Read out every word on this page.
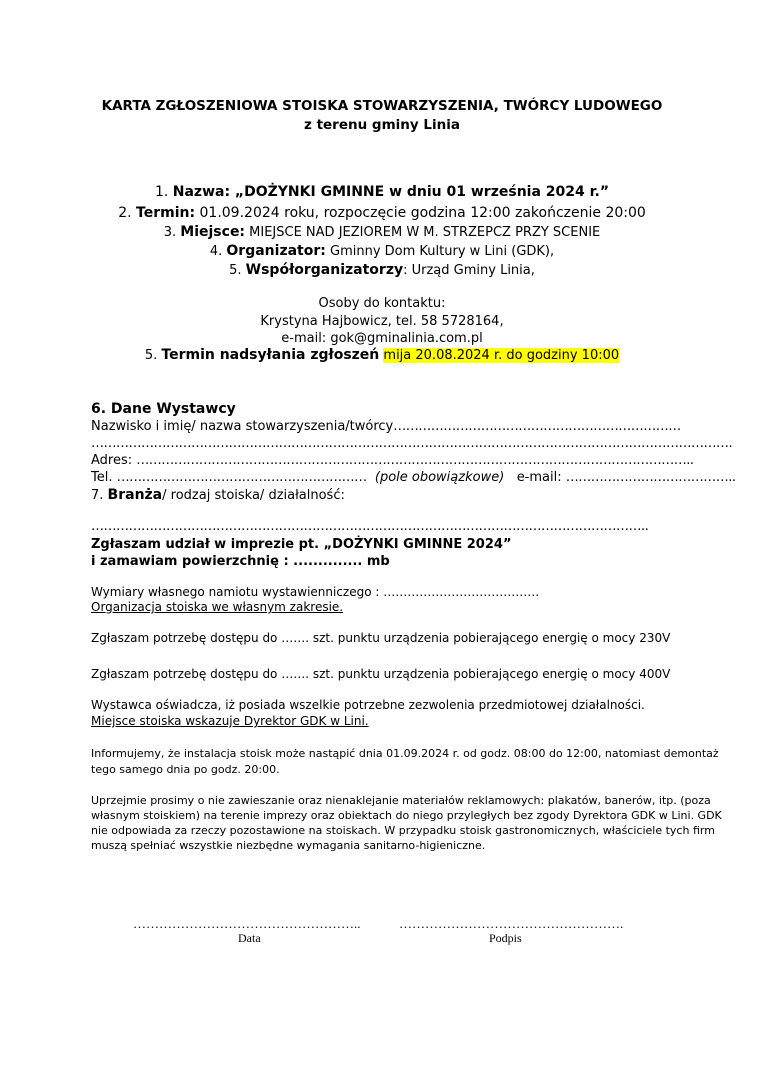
KARTA ZGŁOSZENIOWA STOISKA STOWARZYSZENIA, TWÓRCY LUDOWEGO
z terenu gminy Linia
1. Nazwa: „DOŻYNKI GMINNE w dniu 01 września 2024 r.”
2. Termin: 01.09.2024 roku, rozpoczęcie godzina 12:00 zakończenie 20:00
3. Miejsce: MIEJSCE NAD JEZIOREM W M. STRZEPCZ PRZY SCENIE
4. Organizator: Gminny Dom Kultury w Lini (GDK),
5. Współorganizatorzy: Urząd Gminy Linia,
Osoby do kontaktu:
Krystyna Hajbowicz, tel. 58 5728164,
e-mail: gok@gminalinia.com.pl
5. Termin nadsyłania zgłoszeń mija 20.08.2024 r. do godziny 10:00
6. Dane Wystawcy
Nazwisko i imię/ nazwa stowarzyszenia/twórcy……………………………………………………………
……………………………………………………………………………………………………………………………………….
Adres: ……………………………………………………………………………………………………………………..
Tel. …………………………………………………… (pole obowiązkowe) e-mail: …………………………………..
7. Branża/ rodzaj stoiska/ działalność:
……………………………………………………………………………………………………………………..
Zgłaszam udział w imprezie pt. „DOŻYNKI GMINNE 2024”
i zamawiam powierzchnię : .............. mb
Wymiary własnego namiotu wystawienniczego : …………………………………
Organizacja stoiska we własnym zakresie.
Zgłaszam potrzebę dostępu do ……. szt. punktu urządzenia pobierającego energię o mocy 230V
Zgłaszam potrzebę dostępu do ……. szt. punktu urządzenia pobierającego energię o mocy 400V
Wystawca oświadcza, iż posiada wszelkie potrzebne zezwolenia przedmiotowej działalności.
Miejsce stoiska wskazuje Dyrektor GDK w Lini.
Informujemy, że instalacja stoisk może nastąpić dnia 01.09.2024 r. od godz. 08:00 do 12:00, natomiast demontaż
tego samego dnia po godz. 20:00.
Uprzejmie prosimy o nie zawieszanie oraz nienaklejanie materiałów reklamowych: plakatów, banerów, itp. (poza
własnym stoiskiem) na terenie imprezy oraz obiektach do niego przyległych bez zgody Dyrektora GDK w Lini. GDK
nie odpowiada za rzeczy pozostawione na stoiskach. W przypadku stoisk gastronomicznych, właściciele tych firm
muszą spełniać wszystkie niezbędne wymagania sanitarno-higieniczne.
……………………………………………..
Data
…………………………………………….
Podpis
